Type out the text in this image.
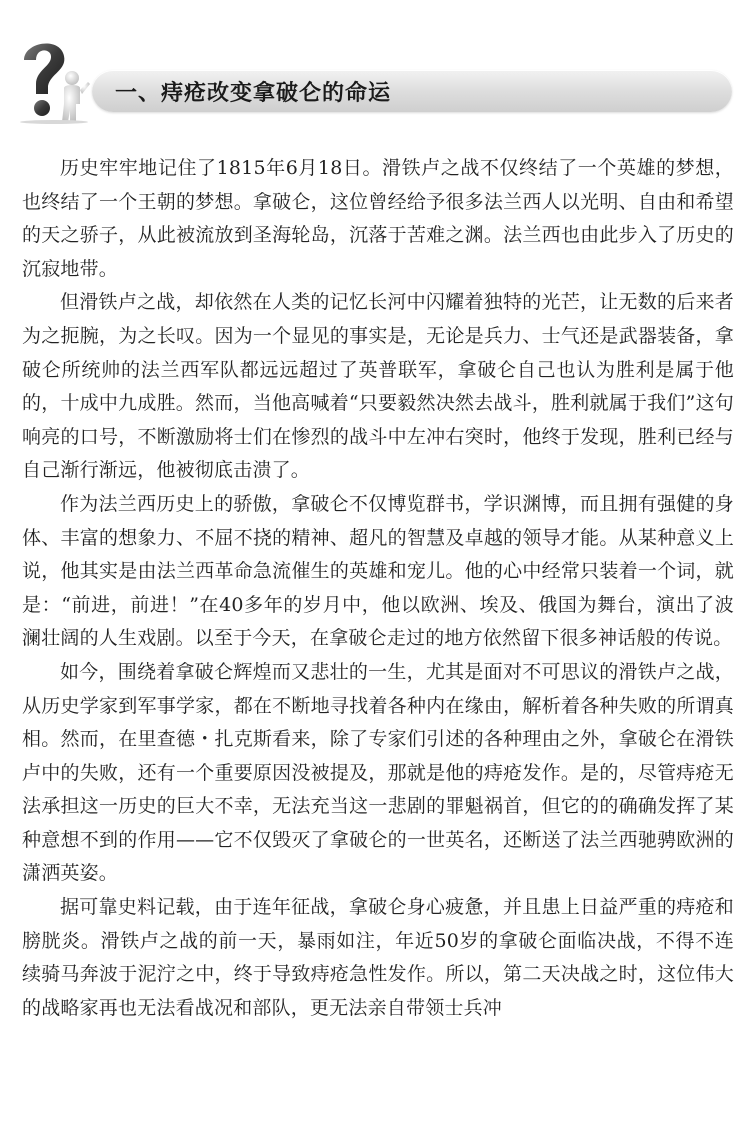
一、痔疮改变拿破仑的命运

历史牢牢地记住了1815年6月18日。滑铁卢之战不仅终结了一个英雄的梦想，也终结了一个王朝的梦想。拿破仑，这位曾经给予很多法兰西人以光明、自由和希望的天之骄子，从此被流放到圣海轮岛，沉落于苦难之渊。法兰西也由此步入了历史的沉寂地带。

但滑铁卢之战，却依然在人类的记忆长河中闪耀着独特的光芒，让无数的后来者为之扼腕，为之长叹。因为一个显见的事实是，无论是兵力、士气还是武器装备，拿破仑所统帅的法兰西军队都远远超过了英普联军，拿破仑自己也认为胜利是属于他的，十成中九成胜。然而，当他高喊着“只要毅然决然去战斗，胜利就属于我们”这句响亮的口号，不断激励将士们在惨烈的战斗中左冲右突时，他终于发现，胜利已经与自己渐行渐远，他被彻底击溃了。

作为法兰西历史上的骄傲，拿破仑不仅博览群书，学识渊博，而且拥有强健的身体、丰富的想象力、不屈不挠的精神、超凡的智慧及卓越的领导才能。从某种意义上说，他其实是由法兰西革命急流催生的英雄和宠儿。他的心中经常只装着一个词，就是：“前进，前进！”在40多年的岁月中，他以欧洲、埃及、俄国为舞台，演出了波澜壮阔的人生戏剧。以至于今天，在拿破仑走过的地方依然留下很多神话般的传说。

如今，围绕着拿破仑辉煌而又悲壮的一生，尤其是面对不可思议的滑铁卢之战，从历史学家到军事学家，都在不断地寻找着各种内在缘由，解析着各种失败的所谓真相。然而，在里查德・扎克斯看来，除了专家们引述的各种理由之外，拿破仑在滑铁卢中的失败，还有一个重要原因没被提及，那就是他的痔疮发作。是的，尽管痔疮无法承担这一历史的巨大不幸，无法充当这一悲剧的罪魁祸首，但它的的确确发挥了某种意想不到的作用——它不仅毁灭了拿破仑的一世英名，还断送了法兰西驰骋欧洲的潇洒英姿。

据可靠史料记载，由于连年征战，拿破仑身心疲惫，并且患上日益严重的痔疮和膀胱炎。滑铁卢之战的前一天，暴雨如注，年近50岁的拿破仑面临决战，不得不连续骑马奔波于泥泞之中，终于导致痔疮急性发作。所以，第二天决战之时，这位伟大的战略家再也无法看战况和部队，更无法亲自带领士兵冲
